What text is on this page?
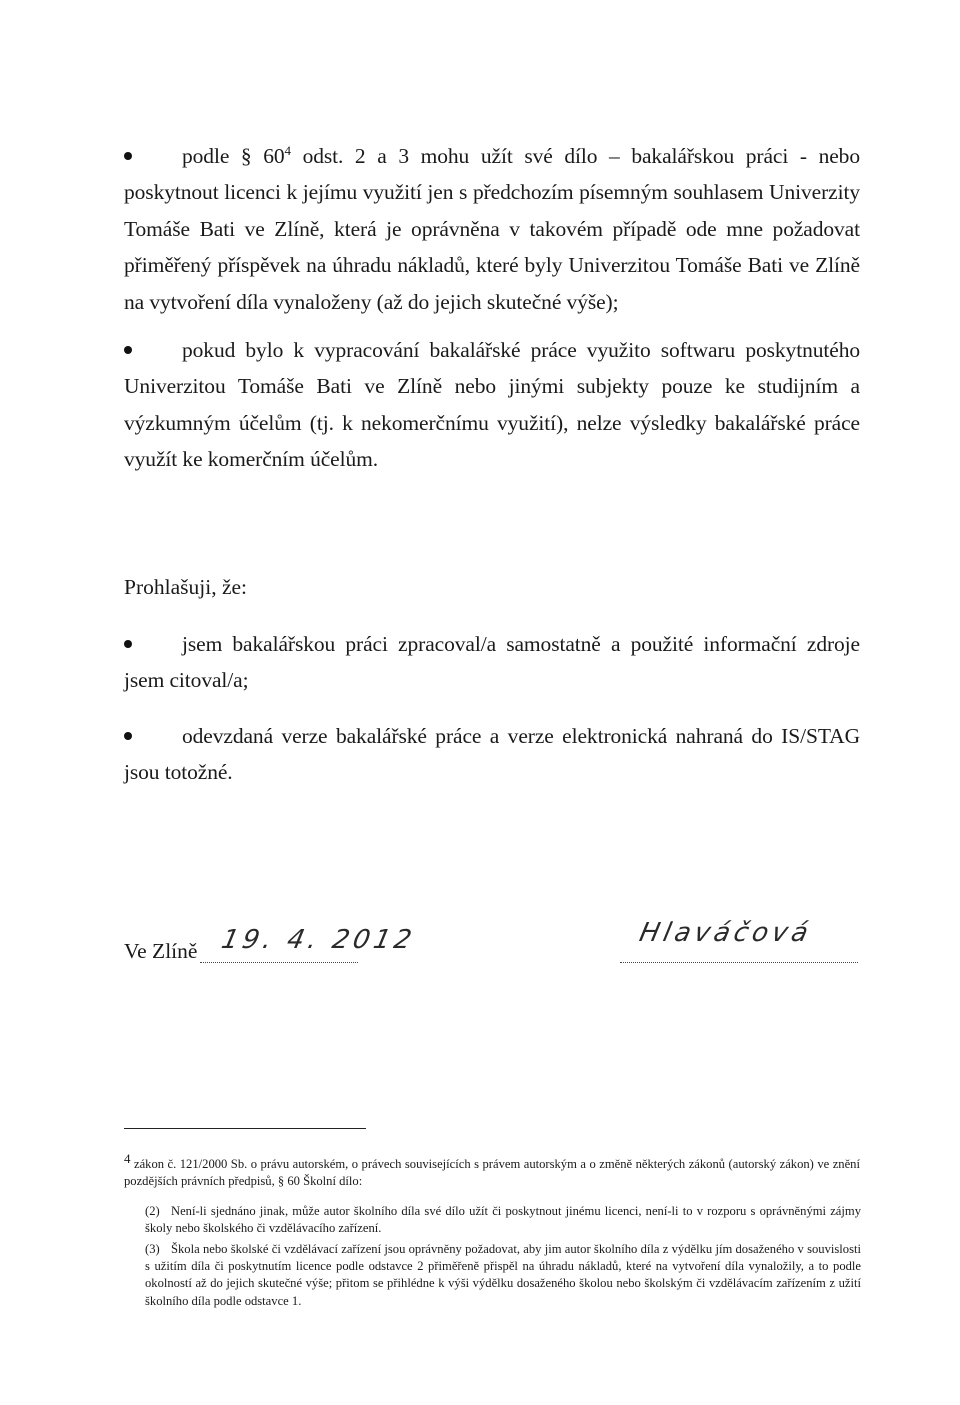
podle § $60^4$ odst. 2 a 3 mohu užít své dílo – bakalářskou práci - nebo poskytnout licenci k jejímu využití jen s předchozím písemným souhlasem Univerzity Tomáše Bati ve Zlíně, která je oprávněna v takovém případě ode mne požadovat přiměřený příspěvek na úhradu nákladů, které byly Univerzitou Tomáše Bati ve Zlíně na vytvoření díla vynaloženy (až do jejich skutečné výše);
pokud bylo k vypracování bakalářské práce využito softwaru poskytnutého Univerzitou Tomáše Bati ve Zlíně nebo jinými subjekty pouze ke studijním a výzkumným účelům (tj. k nekomerčnímu využití), nelze výsledky bakalářské práce využít ke komerčním účelům.
Prohlašuji, že:
jsem bakalářskou práci zpracoval/a samostatně a použité informační zdroje jsem citoval/a;
odevzdaná verze bakalářské práce a verze elektronická nahraná do IS/STAG jsou totožné.
Ve Zlíně 19. 4. 2012	Hlaváčová
4 zákon č. 121/2000 Sb. o právu autorském, o právech souvisejících s právem autorským a o změně některých zákonů (autorský zákon) ve znění pozdějších právních předpisů, § 60 Školní dílo:
(2) Není-li sjednáno jinak, může autor školního díla své dílo užít či poskytnout jinému licenci, není-li to v rozporu s oprávněnými zájmy školy nebo školského či vzdělávacího zařízení.
(3) Škola nebo školské či vzdělávací zařízení jsou oprávněny požadovat, aby jim autor školního díla z výdělku jím dosaženého v souvislosti s užitím díla či poskytnutím licence podle odstavce 2 přiměřeně přispěl na úhradu nákladů, které na vytvoření díla vynaložily, a to podle okolností až do jejich skutečné výše; přitom se přihlédne k výši výdělku dosaženého školou nebo školským či vzdělávacím zařízením z užití školního díla podle odstavce 1.
